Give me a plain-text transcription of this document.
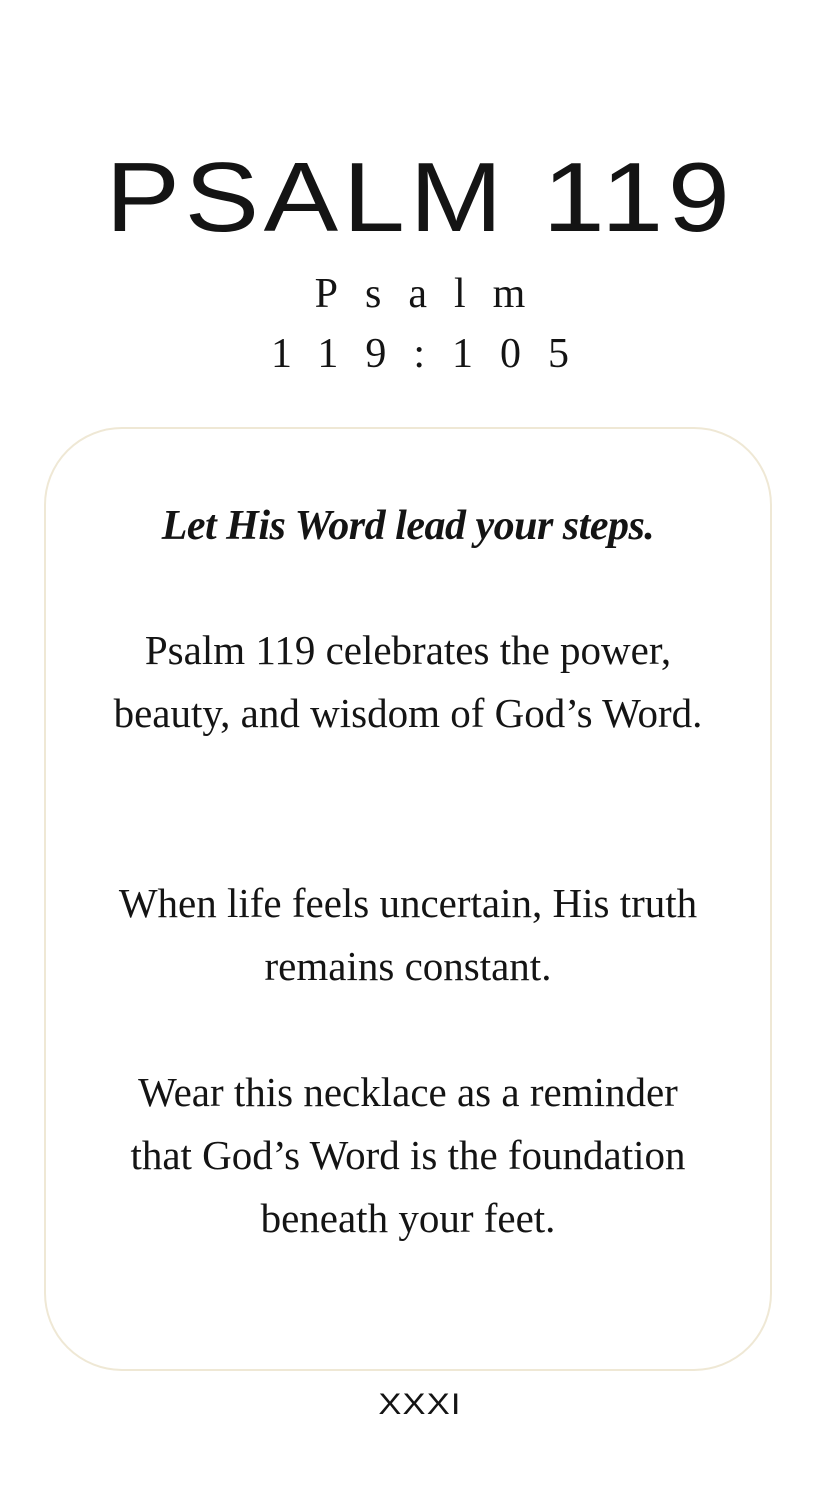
PSALM 119

Psalm

119:105

Let His Word lead your steps.

Psalm 119 celebrates the power, beauty, and wisdom of God’s Word.

When life feels uncertain, His truth remains constant.

Wear this necklace as a reminder that God’s Word is the foundation beneath your feet.

XXXI
